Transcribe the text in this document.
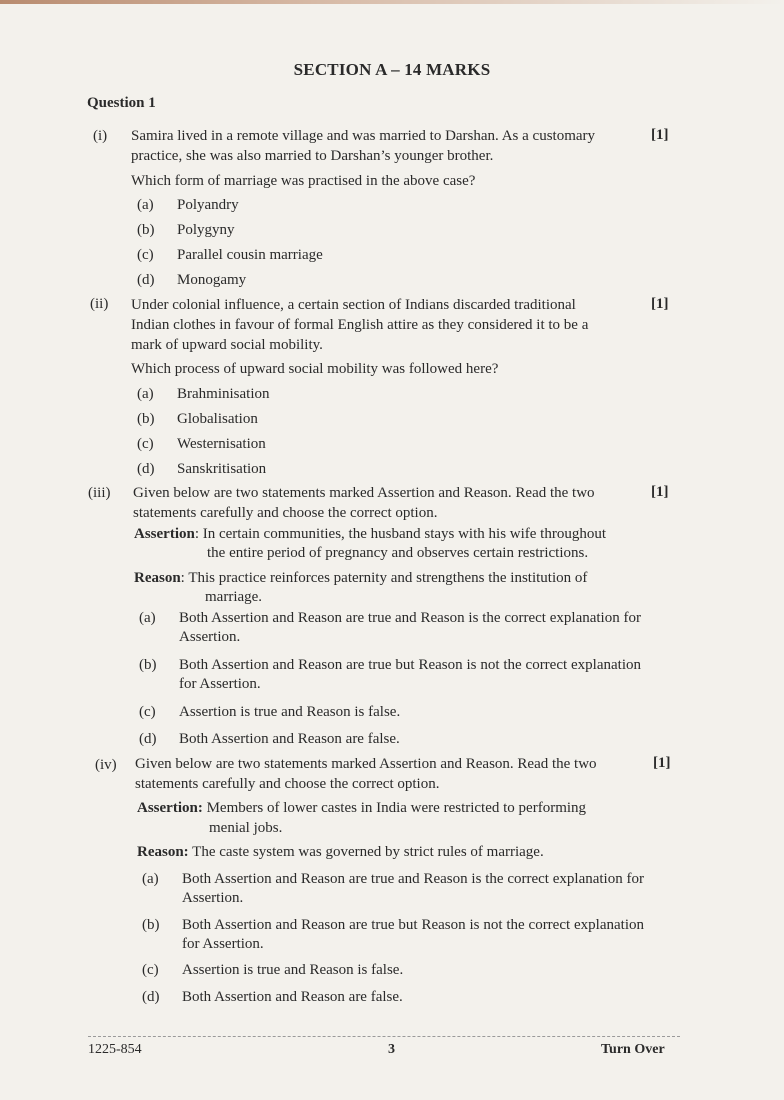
SECTION A – 14 MARKS
Question 1
(i) Samira lived in a remote village and was married to Darshan. As a customary
practice, she was also married to Darshan’s younger brother.
[1]
Which form of marriage was practised in the above case?
(a) Polyandry
(b) Polygyny
(c) Parallel cousin marriage
(d) Monogamy
(ii) Under colonial influence, a certain section of Indians discarded traditional
Indian clothes in favour of formal English attire as they considered it to be a
mark of upward social mobility.
[1]
Which process of upward social mobility was followed here?
(a) Brahminisation
(b) Globalisation
(c) Westernisation
(d) Sanskritisation
(iii) Given below are two statements marked Assertion and Reason. Read the two
statements carefully and choose the correct option.
[1]
Assertion: In certain communities, the husband stays with his wife throughout
the entire period of pregnancy and observes certain restrictions.
Reason: This practice reinforces paternity and strengthens the institution of
marriage.
(a) Both Assertion and Reason are true and Reason is the correct explanation for Assertion.
(b) Both Assertion and Reason are true but Reason is not the correct explanation for Assertion.
(c) Assertion is true and Reason is false.
(d) Both Assertion and Reason are false.
(iv) Given below are two statements marked Assertion and Reason. Read the two
statements carefully and choose the correct option.
[1]
Assertion: Members of lower castes in India were restricted to performing
menial jobs.
Reason: The caste system was governed by strict rules of marriage.
(a) Both Assertion and Reason are true and Reason is the correct explanation for Assertion.
(b) Both Assertion and Reason are true but Reason is not the correct explanation for Assertion.
(c) Assertion is true and Reason is false.
(d) Both Assertion and Reason are false.
1225-854	3	Turn Over
